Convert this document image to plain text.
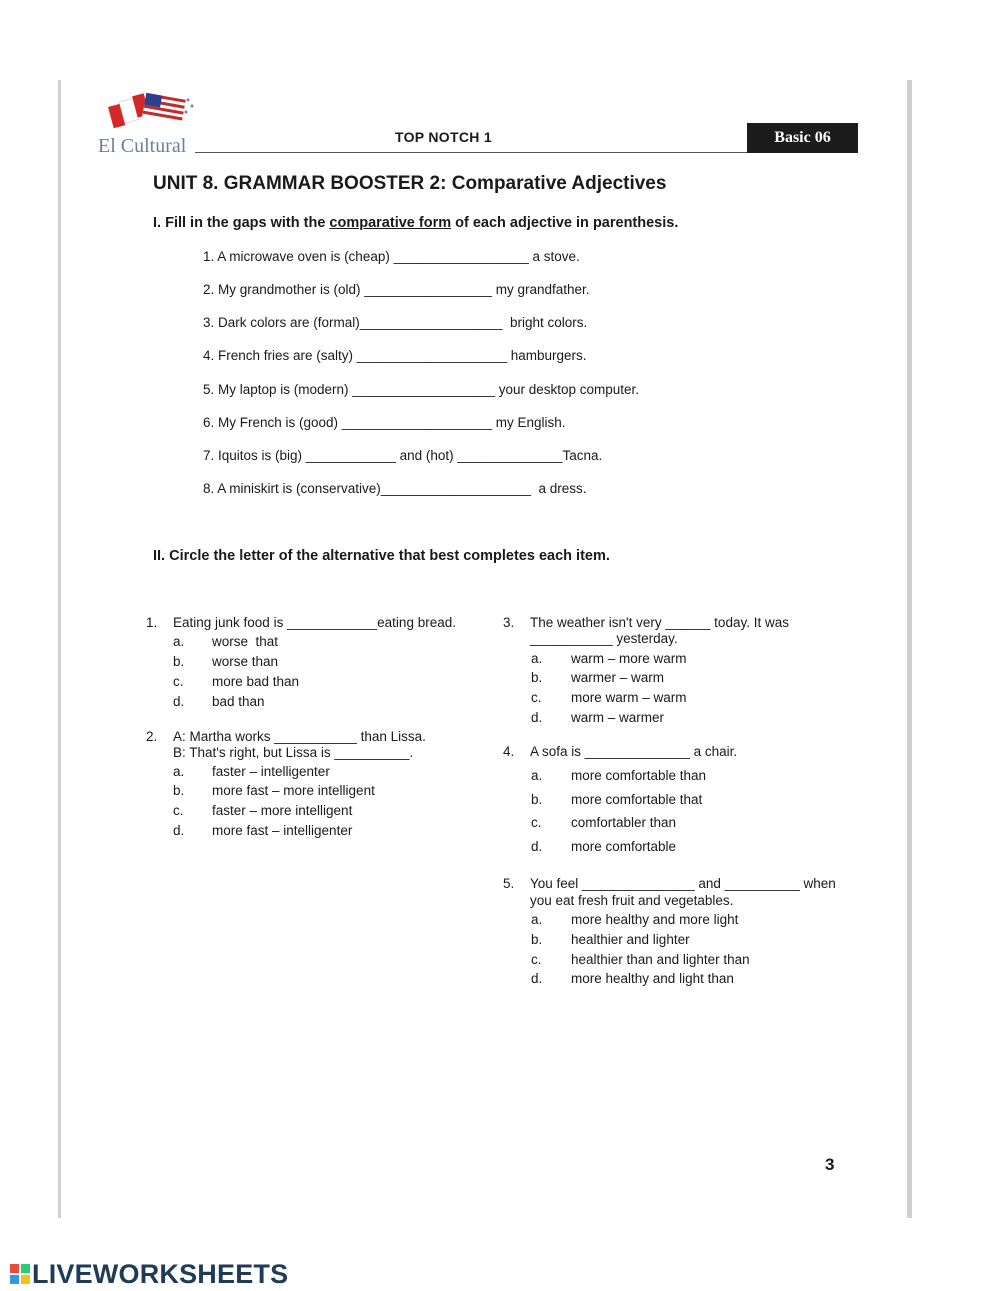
El Cultural	TOP NOTCH 1	Basic 06
UNIT 8. GRAMMAR BOOSTER 2: Comparative Adjectives
I. Fill in the gaps with the comparative form of each adjective in parenthesis.
1. A microwave oven is (cheap) __________________ a stove.
2. My grandmother is (old) _________________ my grandfather.
3. Dark colors are (formal)___________________  bright colors.
4. French fries are (salty) ____________________ hamburgers.
5. My laptop is (modern) ___________________ your desktop computer.
6. My French is (good) ____________________ my English.
7. Iquitos is (big) ____________ and (hot) ______________Tacna.
8. A miniskirt is (conservative)____________________  a dress.
II. Circle the letter of the alternative that best completes each item.
1. Eating junk food is ____________eating bread.
a. worse  that
b. worse than
c. more bad than
d. bad than
2. A: Martha works ___________ than Lissa.
B: That's right, but Lissa is __________.
a. faster – intelligenter
b. more fast – more intelligent
c. faster – more intelligent
d. more fast – intelligenter
3. The weather isn't very ______ today. It was
___________ yesterday.
a. warm – more warm
b. warmer – warm
c. more warm – warm
d. warm – warmer
4. A sofa is ______________ a chair.
a. more comfortable than
b. more comfortable that
c. comfortabler than
d. more comfortable
5. You feel _______________ and __________ when
you eat fresh fruit and vegetables.
a. more healthy and more light
b. healthier and lighter
c. healthier than and lighter than
d. more healthy and light than
3
LIVEWORKSHEETS
